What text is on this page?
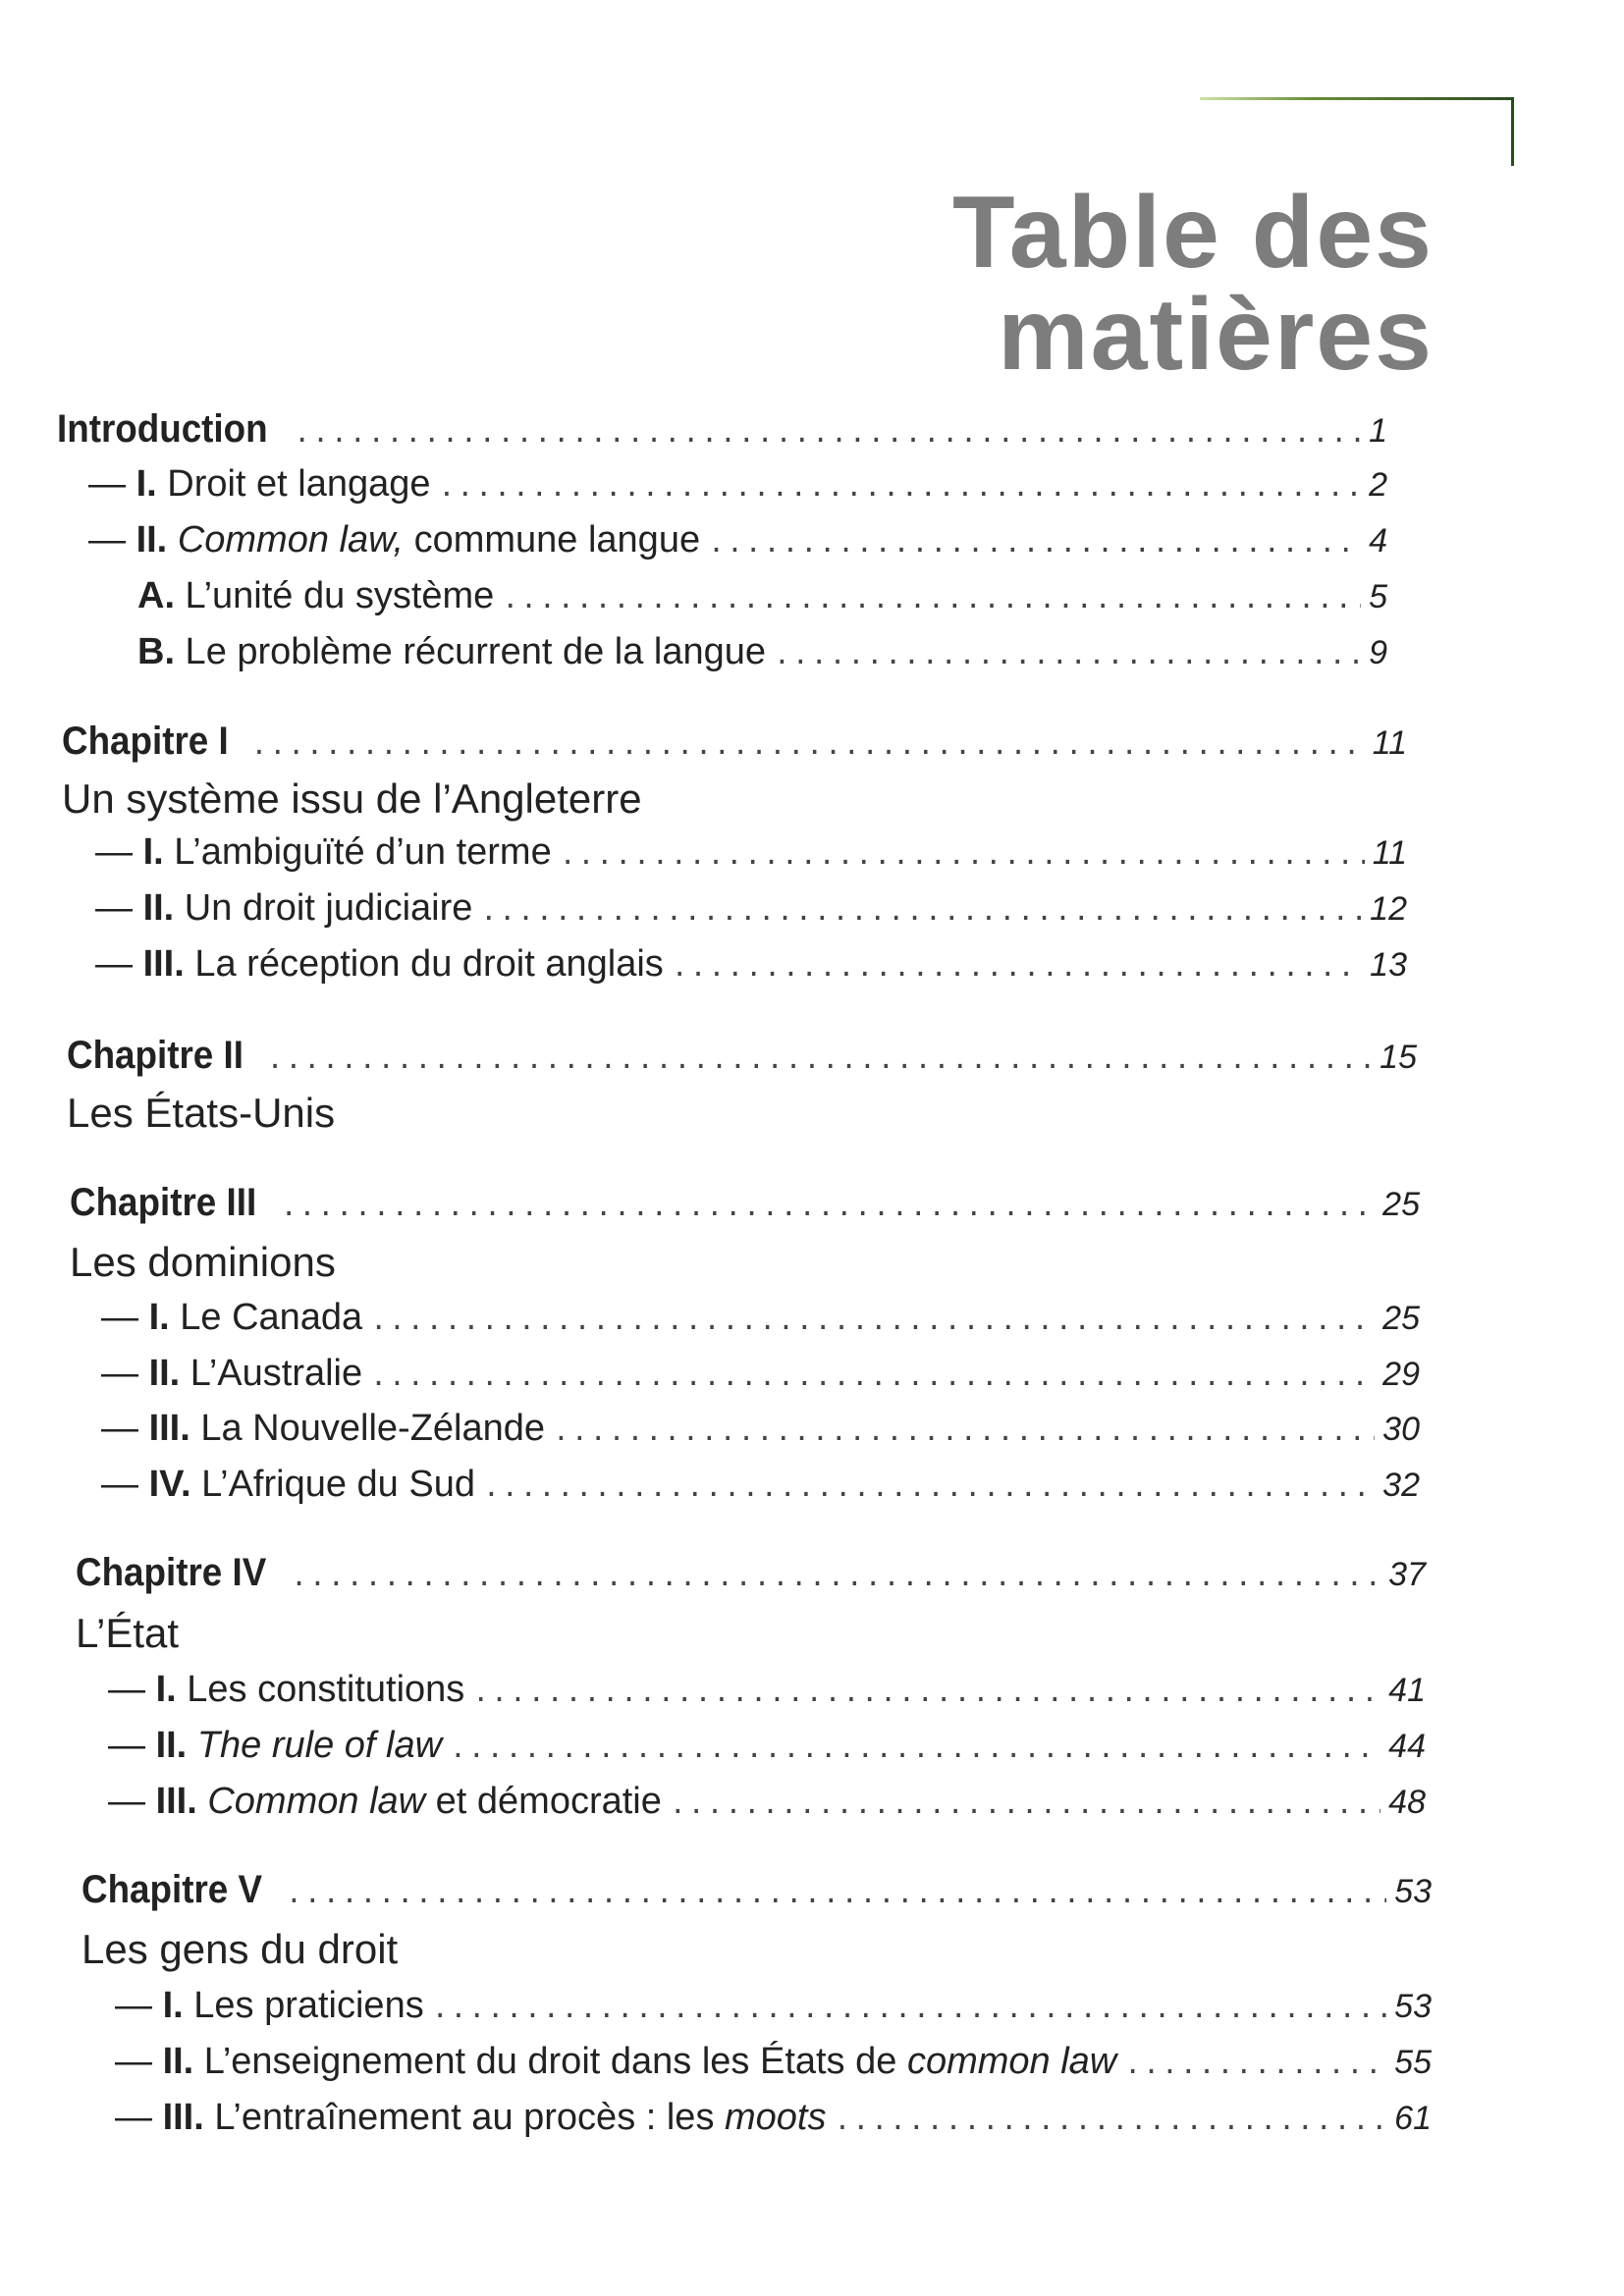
Table des matières
Introduction .....	1
— I. Droit et langage .....	2
— II. Common law, commune langue .....	4
A. L’unité du système .....	5
B. Le problème récurrent de la langue .....	9
Chapitre I .....	11
Un système issu de l’Angleterre
— I. L’ambiguïté d’un terme .....	11
— II. Un droit judiciaire .....	12
— III. La réception du droit anglais .....	13
Chapitre II .....	15
Les États-Unis
Chapitre III .....	25
Les dominions
— I. Le Canada .....	25
— II. L’Australie .....	29
— III. La Nouvelle-Zélande .....	30
— IV. L’Afrique du Sud .....	32
Chapitre IV .....	37
L’État
— I. Les constitutions .....	41
— II. The rule of law .....	44
— III. Common law et démocratie .....	48
Chapitre V .....	53
Les gens du droit
— I. Les praticiens .....	53
— II. L’enseignement du droit dans les États de common law .....	55
— III. L’entraînement au procès : les moots .....	61
